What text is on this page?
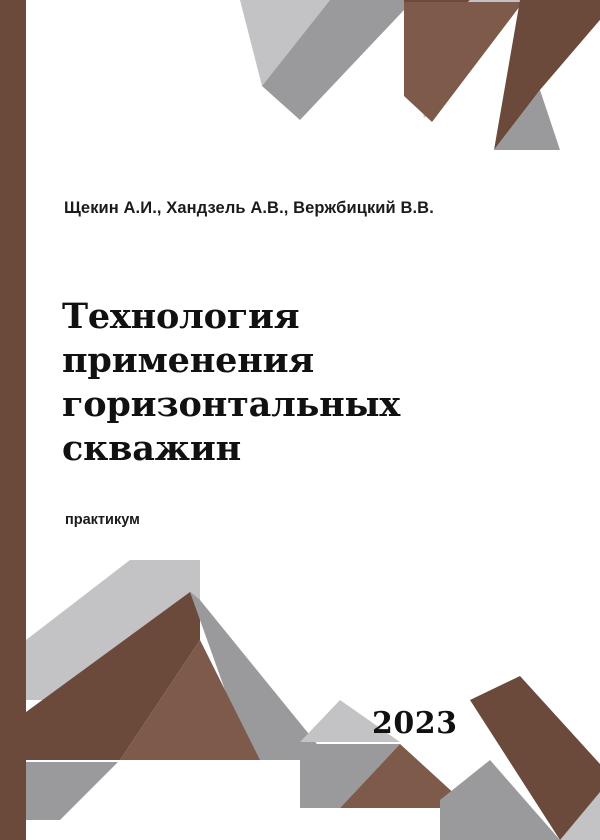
Щекин А.И., Хандзель А.В., Вержбицкий В.В.
Технология
применения
горизонтальных
скважин
практикум
2023
